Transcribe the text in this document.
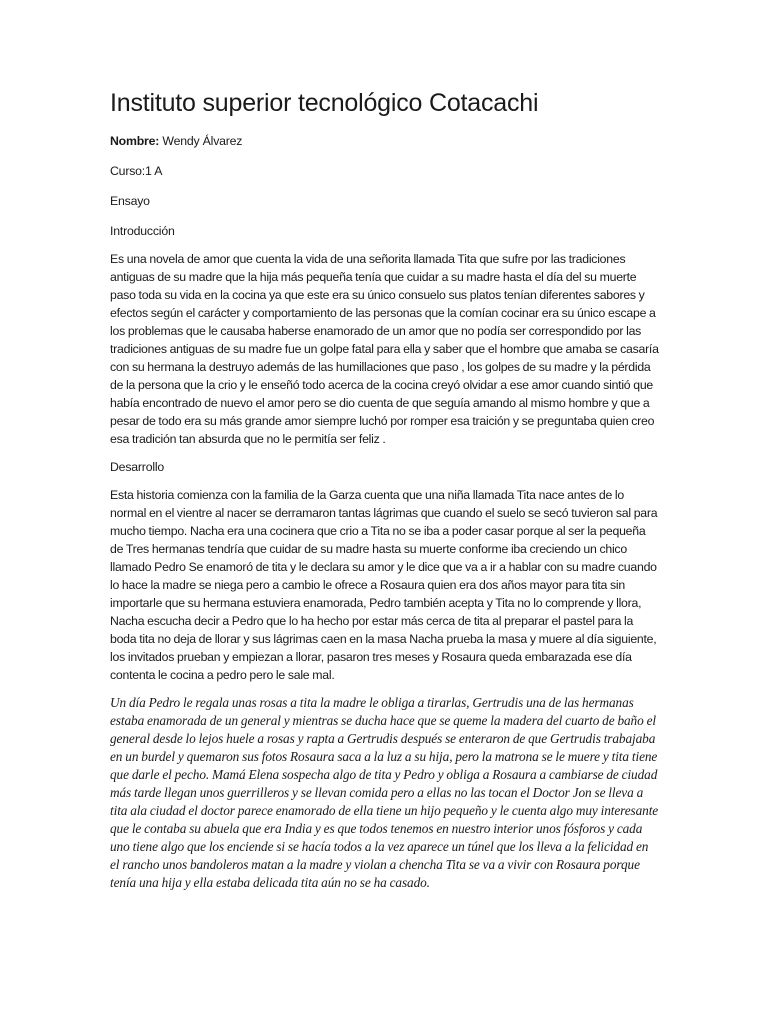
Instituto superior tecnológico Cotacachi

Nombre: Wendy Álvarez

Curso:1 A

Ensayo

Introducción

Es una novela de amor que cuenta la vida de una señorita llamada Tita que sufre por las tradiciones antiguas de su madre que la hija más pequeña tenía que cuidar a su madre hasta el día del su muerte paso toda su vida en la cocina ya que este era su único consuelo sus platos tenían diferentes sabores y efectos según el carácter y comportamiento de las personas que la comían cocinar era su único escape a los problemas que le causaba haberse enamorado de un amor que no podía ser correspondido por las tradiciones antiguas de su madre fue un golpe fatal para ella y saber que el hombre que amaba se casaría con su hermana la destruyo además de las humillaciones que paso , los golpes de su madre y la pérdida de la persona que la crio y le enseñó todo acerca de la cocina creyó olvidar a ese amor cuando sintió que había encontrado de nuevo el amor pero se dio cuenta de que seguía amando al mismo hombre y que a pesar de todo era su más grande amor siempre luchó por romper esa traición y se preguntaba quien creo esa tradición tan absurda que no le permitía ser feliz .

Desarrollo

Esta historia comienza con la familia de la Garza cuenta que una niña llamada Tita nace antes de lo normal en el vientre al nacer se derramaron tantas lágrimas que cuando el suelo se secó tuvieron sal para mucho tiempo. Nacha era una cocinera que crio a Tita no se iba a poder casar porque al ser la pequeña de Tres hermanas tendría que cuidar de su madre hasta su muerte conforme iba creciendo un chico llamado Pedro Se enamoró de tita y le declara su amor y le dice que va a ir a hablar con su madre cuando lo hace la madre se niega pero a cambio le ofrece a Rosaura quien era dos años mayor para tita sin importarle que su hermana estuviera enamorada, Pedro también acepta y Tita no lo comprende y llora, Nacha escucha decir a Pedro que lo ha hecho por estar más cerca de tita al preparar el pastel para la boda tita no deja de llorar y sus lágrimas caen en la masa Nacha prueba la masa y muere al día siguiente, los invitados prueban y empiezan a llorar, pasaron tres meses y Rosaura queda embarazada ese día contenta le cocina a pedro pero le sale mal.

Un día Pedro le regala unas rosas a tita la madre le obliga a tirarlas, Gertrudis una de las hermanas estaba enamorada de un general y mientras se ducha hace que se queme la madera del cuarto de baño el general desde lo lejos huele a rosas y rapta a Gertrudis después se enteraron de que Gertrudis trabajaba en un burdel y quemaron sus fotos Rosaura saca a la luz a su hija, pero la matrona se le muere y tita tiene que darle el pecho. Mamá Elena sospecha algo de tita y Pedro y obliga a Rosaura a cambiarse de ciudad más tarde llegan unos guerrilleros y se llevan comida pero a ellas no las tocan el Doctor Jon se lleva a tita ala ciudad el doctor parece enamorado de ella tiene un hijo pequeño y le cuenta algo muy interesante que le contaba su abuela que era India y es que todos tenemos en nuestro interior unos fósforos y cada uno tiene algo que los enciende si se hacía todos a la vez aparece un túnel que los lleva a la felicidad en el rancho unos bandoleros matan a la madre y violan a chencha Tita se va a vivir con Rosaura porque tenía una hija y ella estaba delicada tita aún no se ha casado.
